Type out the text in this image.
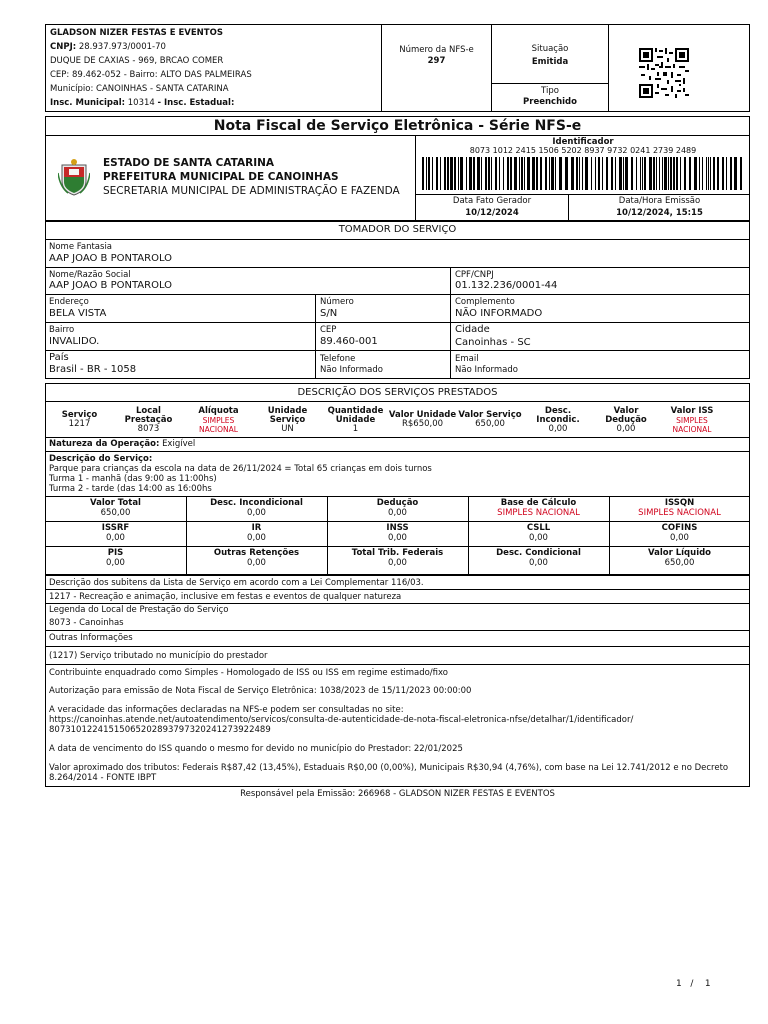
GLADSON NIZER FESTAS E EVENTOS
CNPJ: 28.937.973/0001-70
DUQUE DE CAXIAS - 969, BRCAO COMER
CEP: 89.462-052 - Bairro: ALTO DAS PALMEIRAS
Município: CANOINHAS - SANTA CATARINA
Insc. Municipal: 10314 - Insc. Estadual:
Número da NFS-e
297
Situação
Emitida
Tipo
Preenchido
Nota Fiscal de Serviço Eletrônica - Série NFS-e
ESTADO DE SANTA CATARINA
PREFEITURA MUNICIPAL DE CANOINHAS
SECRETARIA MUNICIPAL DE ADMINISTRAÇÃO E FAZENDA
Identificador
8073 1012 2415 1506 5202 8937 9732 0241 2739 2489
Data Fato Gerador
10/12/2024
Data/Hora Emissão
10/12/2024, 15:15
TOMADOR DO SERVIÇO
Nome Fantasia
AAP JOAO B PONTAROLO
Nome/Razão Social
AAP JOAO B PONTAROLO
CPF/CNPJ
01.132.236/0001-44
Endereço
BELA VISTA
Número
S/N
Complemento
NÃO INFORMADO
Bairro
INVALIDO.
CEP
89.460-001
Cidade
Canoinhas - SC
País
Brasil - BR - 1058
Telefone
Não Informado
Email
Não Informado
DESCRIÇÃO DOS SERVIÇOS PRESTADOS
Serviço
1217
Local
Prestação
8073
Alíquota
SIMPLES
NACIONAL
Unidade
Serviço
UN
Quantidade
Unidade
1
Valor Unidade
R$650,00
Valor Serviço
650,00
Desc.
Incondic.
0,00
Valor
Dedução
0,00
Valor ISS
SIMPLES
NACIONAL
Natureza da Operação: Exigível
Descrição do Serviço:
Parque para crianças da escola na data de 26/11/2024 = Total 65 crianças em dois turnos
Turma 1 - manhã (das 9:00 as 11:00hs)
Turma 2 - tarde (das 14:00 as 16:00hs
Valor Total
650,00
Desc. Incondicional
0,00
Dedução
0,00
Base de Cálculo
SIMPLES NACIONAL
ISSQN
SIMPLES NACIONAL
ISSRF
0,00
IR
0,00
INSS
0,00
CSLL
0,00
COFINS
0,00
PIS
0,00
Outras Retenções
0,00
Total Trib. Federais
0,00
Desc. Condicional
0,00
Valor Líquido
650,00
Descrição dos subitens da Lista de Serviço em acordo com a Lei Complementar 116/03.
1217 - Recreação e animação, inclusive em festas e eventos de qualquer natureza
Legenda do Local de Prestação do Serviço
8073 - Canoinhas
Outras Informações
(1217) Serviço tributado no município do prestador
Contribuinte enquadrado como Simples - Homologado de ISS ou ISS em regime estimado/fixo
Autorização para emissão de Nota Fiscal de Serviço Eletrônica: 1038/2023 de 15/11/2023 00:00:00
A veracidade das informações declaradas na NFS-e podem ser consultadas no site:
https://canoinhas.atende.net/autoatendimento/servicos/consulta-de-autenticidade-de-nota-fiscal-eletronica-nfse/detalhar/1/identificador/
80731012241515065202893797320241273922489
A data de vencimento do ISS quando o mesmo for devido no município do Prestador: 22/01/2025
Valor aproximado dos tributos: Federais R$87,42 (13,45%), Estaduais R$0,00 (0,00%), Municipais R$30,94 (4,76%), com base na Lei 12.741/2012 e no Decreto
8.264/2014 - FONTE IBPT
Responsável pela Emissão: 266968 - GLADSON NIZER FESTAS E EVENTOS
1 / 1
